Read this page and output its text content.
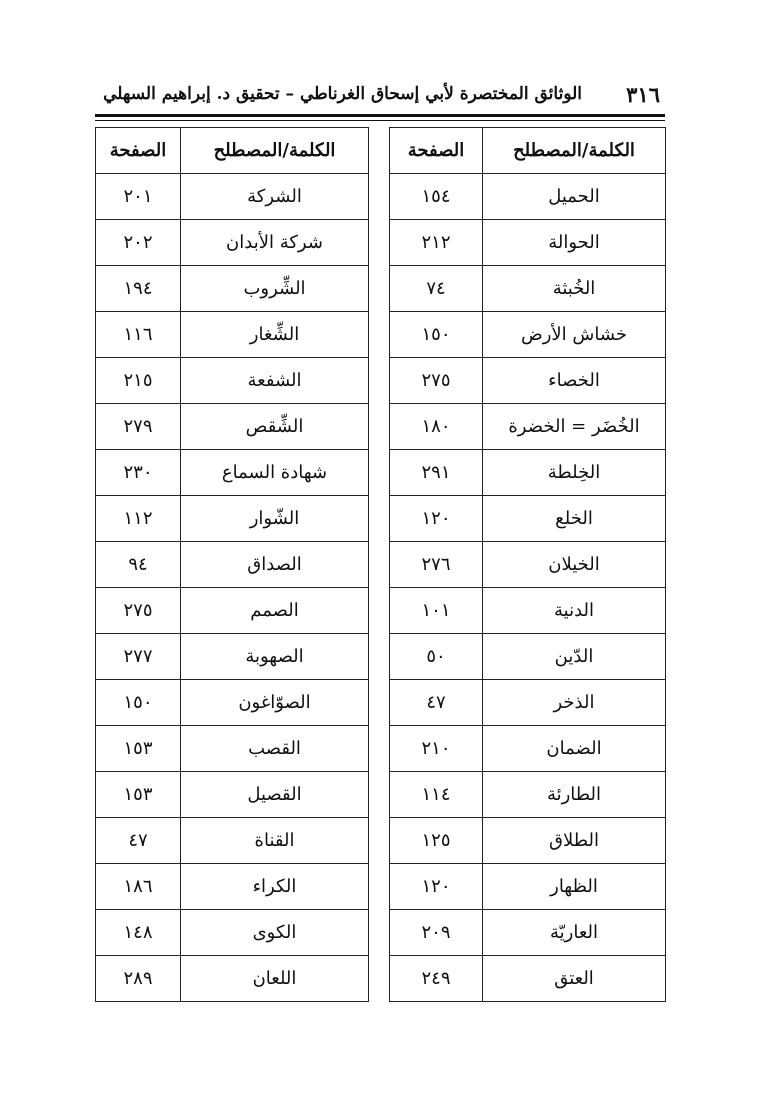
٣١٦
الوثائق المختصرة لأبي إسحاق الغرناطي – تحقيق د. إبراهيم السهلي
الكلمة/المصطلح	الصفحة		الكلمة/المصطلح	الصفحة
الحميل	١٥٤		الشركة	٢٠١
الحوالة	٢١٢		شركة الأبدان	٢٠٢
الخُبثة	٧٤		الشِّروب	١٩٤
خشاش الأرض	١٥٠		الشِّغار	١١٦
الخصاء	٢٧٥		الشفعة	٢١٥
الخُضَر = الخضرة	١٨٠		الشِّقص	٢٧٩
الخِلطة	٢٩١		شهادة السماع	٢٣٠
الخلع	١٢٠		الشّوار	١١٢
الخيلان	٢٧٦		الصداق	٩٤
الدنية	١٠١		الصمم	٢٧٥
الدّين	٥٠		الصهوبة	٢٧٧
الذخر	٤٧		الصوّاغون	١٥٠
الضمان	٢١٠		القصب	١٥٣
الطارئة	١١٤		القصيل	١٥٣
الطلاق	١٢٥		القناة	٤٧
الظهار	١٢٠		الكراء	١٨٦
العاريّة	٢٠٩		الكوى	١٤٨
العتق	٢٤٩		اللعان	٢٨٩
